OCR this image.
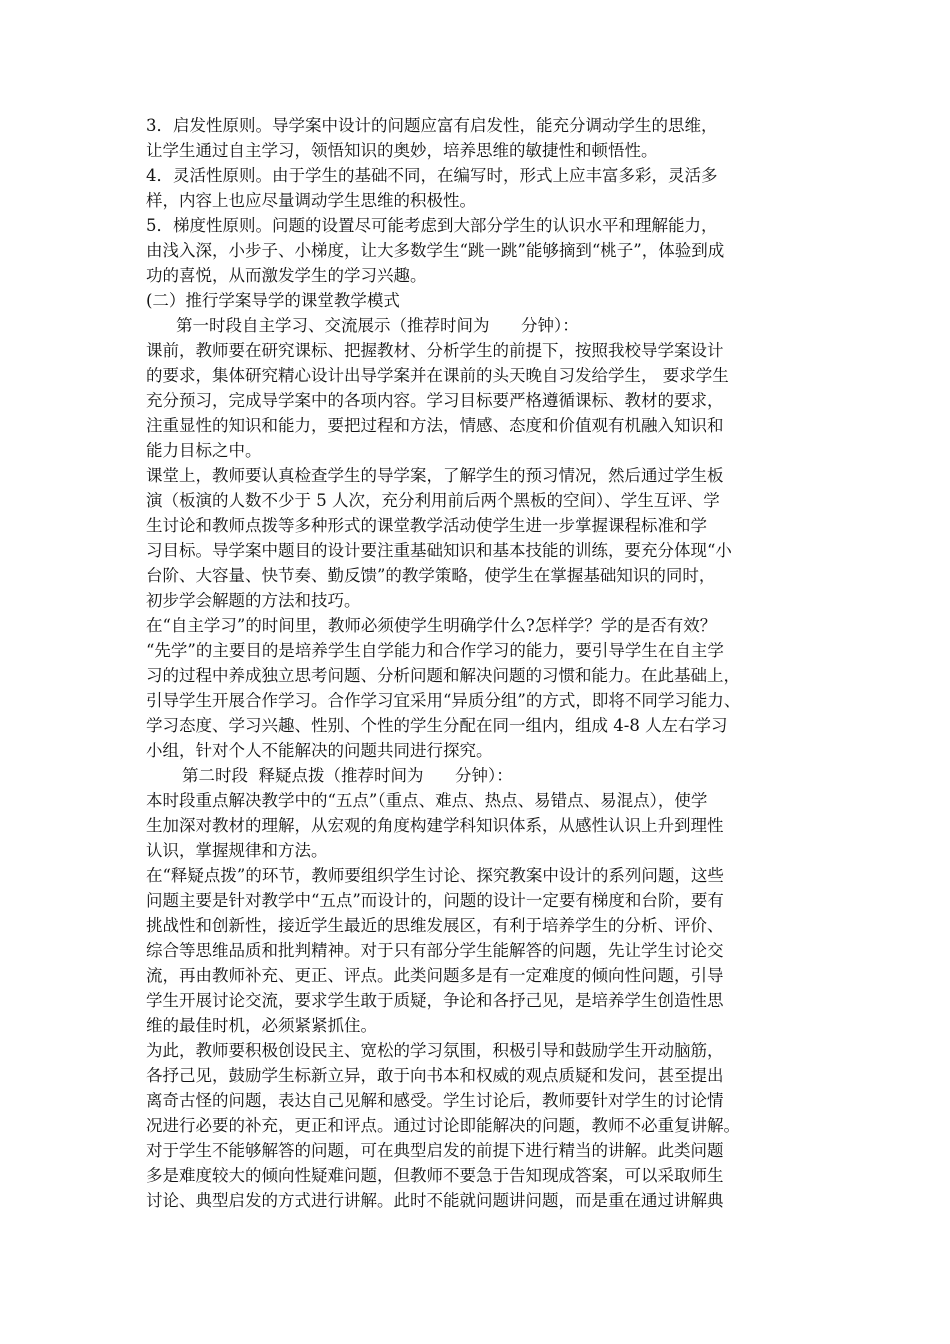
3．启发性原则。导学案中设计的问题应富有启发性，能充分调动学生的思维，
让学生通过自主学习，领悟知识的奥妙，培养思维的敏捷性和顿悟性。
4．灵活性原则。由于学生的基础不同，在编写时，形式上应丰富多彩，灵活多
样，内容上也应尽量调动学生思维的积极性。
5．梯度性原则。问题的设置尽可能考虑到大部分学生的认识水平和理解能力，
由浅入深，小步子、小梯度，让大多数学生“跳一跳”能够摘到“桃子”，体验到成
功的喜悦，从而激发学生的学习兴趣。
(二）推行学案导学的课堂教学模式
第一时段自主学习、交流展示（推荐时间为      分钟）：
课前，教师要在研究课标、把握教材、分析学生的前提下，按照我校导学案设计
的要求，集体研究精心设计出导学案并在课前的头天晚自习发给学生， 要求学生
充分预习，完成导学案中的各项内容。学习目标要严格遵循课标、教材的要求，
注重显性的知识和能力，要把过程和方法，情感、态度和价值观有机融入知识和
能力目标之中。
课堂上，教师要认真检查学生的导学案，了解学生的预习情况，然后通过学生板
演（板演的人数不少于 5 人次，充分利用前后两个黑板的空间）、学生互评、学
生讨论和教师点拨等多种形式的课堂教学活动使学生进一步掌握课程标准和学
习目标。导学案中题目的设计要注重基础知识和基本技能的训练，要充分体现“小
台阶、大容量、快节奏、勤反馈”的教学策略，使学生在掌握基础知识的同时，
初步学会解题的方法和技巧。
在“自主学习”的时间里，教师必须使学生明确学什么?怎样学？学的是否有效？
“先学”的主要目的是培养学生自学能力和合作学习的能力，要引导学生在自主学
习的过程中养成独立思考问题、分析问题和解决问题的习惯和能力。在此基础上，
引导学生开展合作学习。合作学习宜采用“异质分组”的方式，即将不同学习能力、
学习态度、学习兴趣、性别、个性的学生分配在同一组内，组成 4-8 人左右学习
小组，针对个人不能解决的问题共同进行探究。
第二时段  释疑点拨（推荐时间为      分钟）：
本时段重点解决教学中的“五点”（重点、难点、热点、易错点、易混点），使学
生加深对教材的理解，从宏观的角度构建学科知识体系，从感性认识上升到理性
认识，掌握规律和方法。
在“释疑点拨”的环节，教师要组织学生讨论、探究教案中设计的系列问题，这些
问题主要是针对教学中“五点”而设计的，问题的设计一定要有梯度和台阶，要有
挑战性和创新性，接近学生最近的思维发展区，有利于培养学生的分析、评价、
综合等思维品质和批判精神。对于只有部分学生能解答的问题，先让学生讨论交
流，再由教师补充、更正、评点。此类问题多是有一定难度的倾向性问题，引导
学生开展讨论交流，要求学生敢于质疑，争论和各抒己见，是培养学生创造性思
维的最佳时机，必须紧紧抓住。
为此，教师要积极创设民主、宽松的学习氛围，积极引导和鼓励学生开动脑筋，
各抒己见，鼓励学生标新立异，敢于向书本和权威的观点质疑和发问，甚至提出
离奇古怪的问题，表达自己见解和感受。学生讨论后，教师要针对学生的讨论情
况进行必要的补充，更正和评点。通过讨论即能解决的问题，教师不必重复讲解。
对于学生不能够解答的问题，可在典型启发的前提下进行精当的讲解。此类问题
多是难度较大的倾向性疑难问题，但教师不要急于告知现成答案，可以采取师生
讨论、典型启发的方式进行讲解。此时不能就问题讲问题，而是重在通过讲解典
